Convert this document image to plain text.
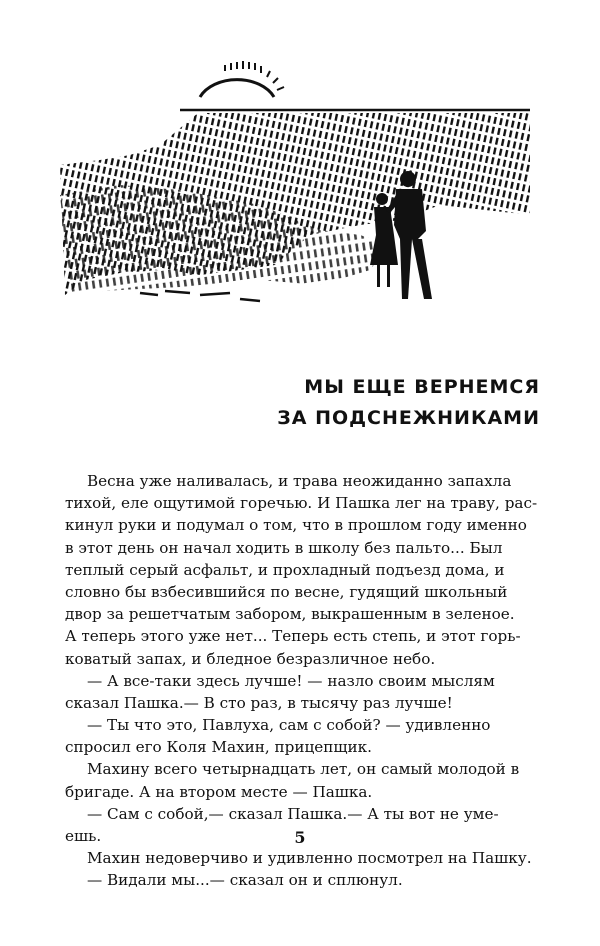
МЫ ЕЩЕ ВЕРНЕМСЯ
ЗА ПОДСНЕЖНИКАМИ
Весна уже наливалась, и трава неожиданно запахла
тихой, еле ощутимой горечью. И Пашка лег на траву, рас-
кинул руки и подумал о том, что в прошлом году именно
в этот день он начал ходить в школу без пальто... Был
теплый серый асфальт, и прохладный подъезд дома, и
словно бы взбесившийся по весне, гудящий школьный
двор за решетчатым забором, выкрашенным в зеленое.
А теперь этого уже нет... Теперь есть степь, и этот горь-
коватый запах, и бледное безразличное небо.
— А все-таки здесь лучше! — назло своим мыслям
сказал Пашка.— В сто раз, в тысячу раз лучше!
— Ты что это, Павлуха, сам с собой? — удивленно
спросил его Коля Махин, прицепщик.
Махину всего четырнадцать лет, он самый молодой в
бригаде. А на втором месте — Пашка.
— Сам с собой,— сказал Пашка.— А ты вот не уме-
ешь.
Махин недоверчиво и удивленно посмотрел на Пашку.
— Видали мы...— сказал он и сплюнул.
5
